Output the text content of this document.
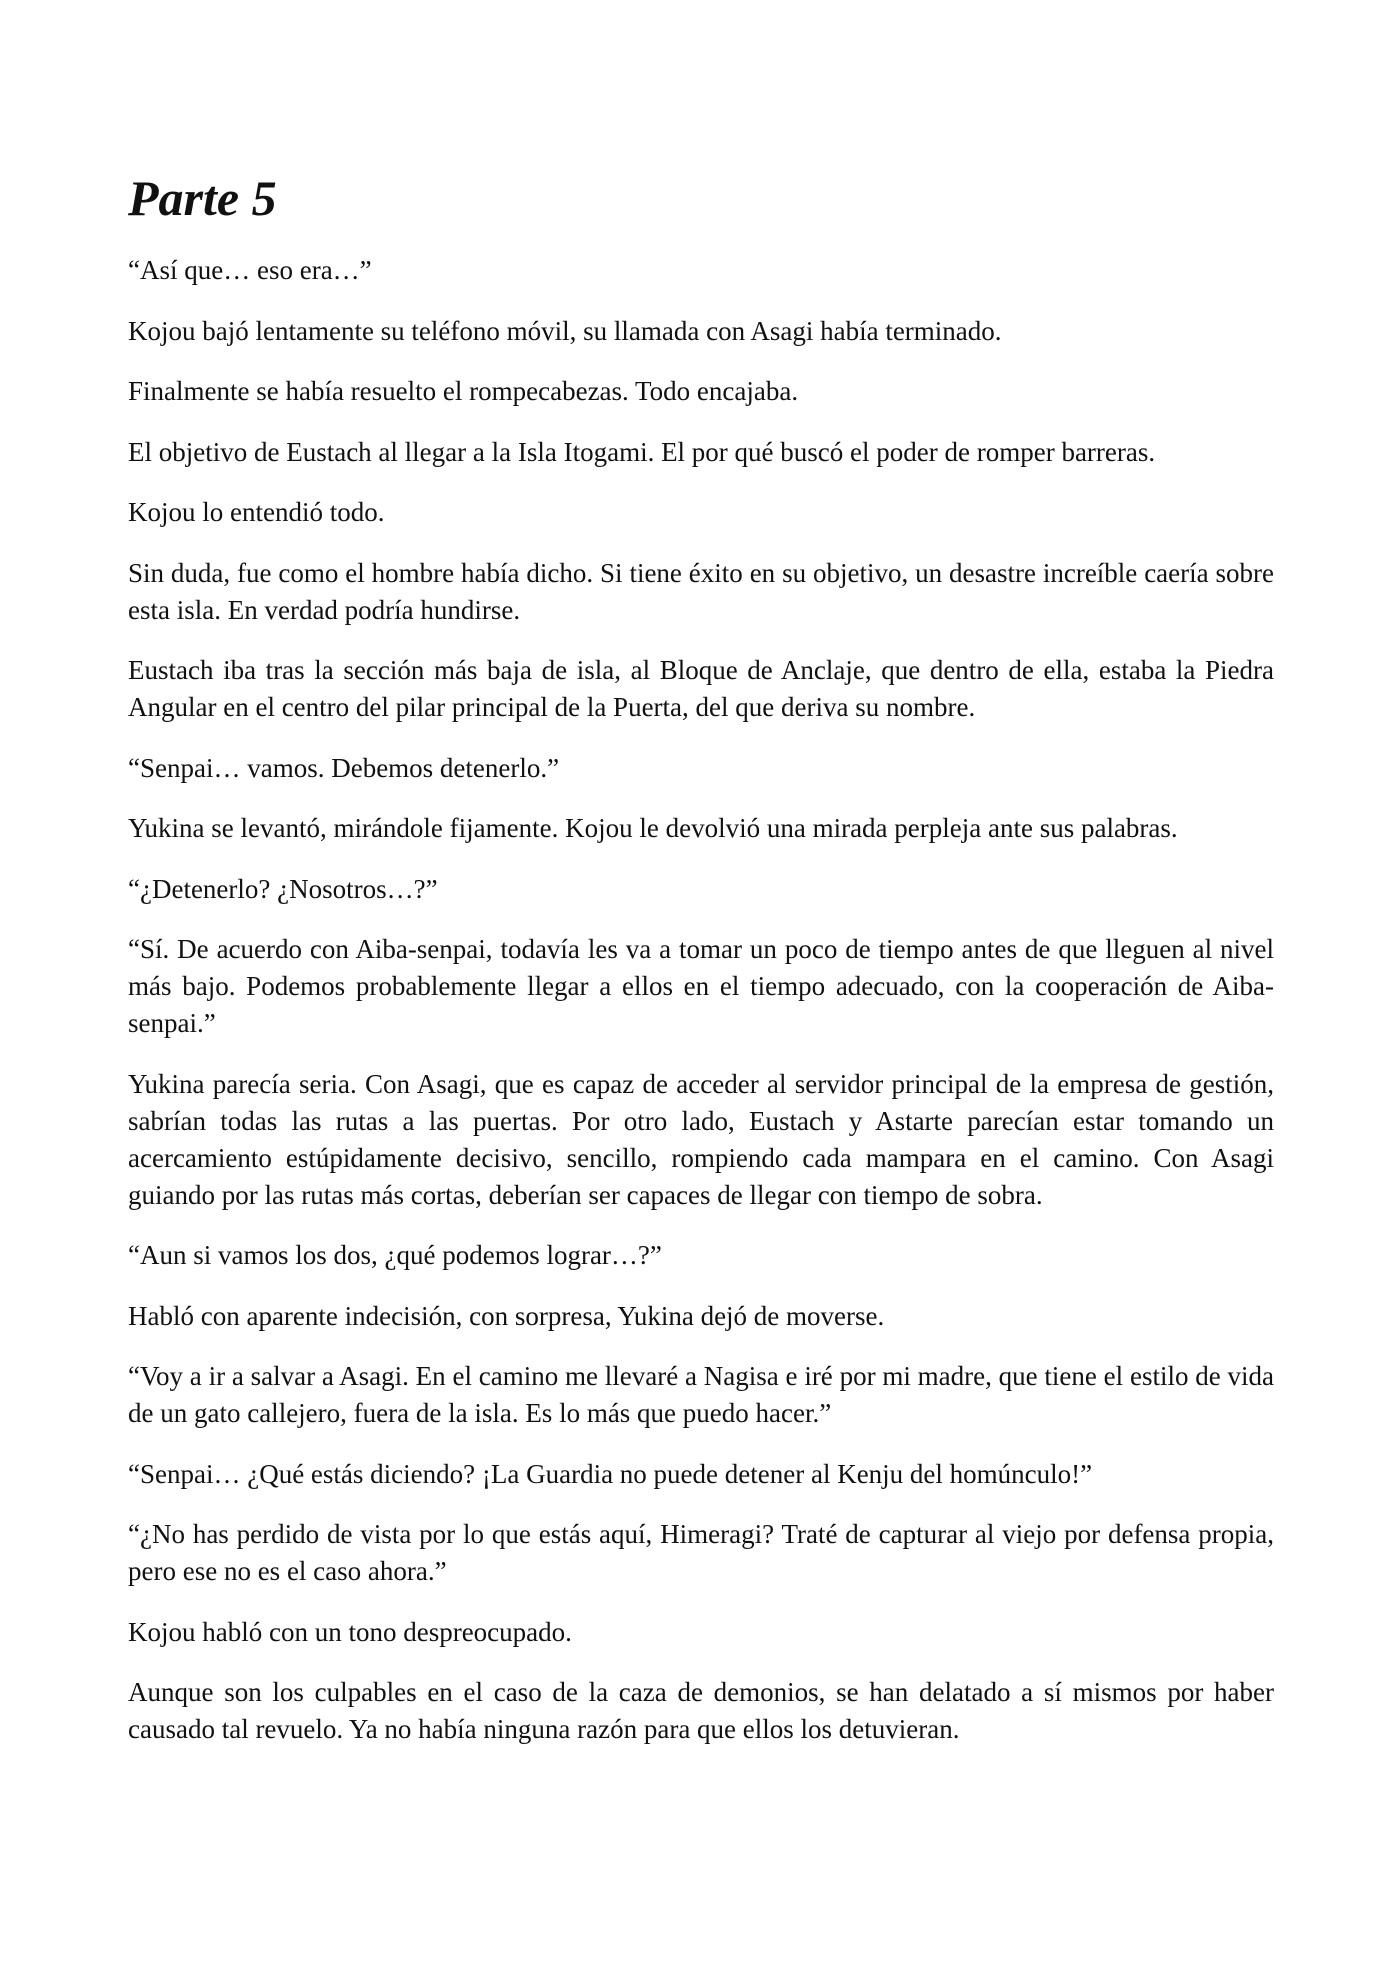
Parte 5

“Así que… eso era…”

Kojou bajó lentamente su teléfono móvil, su llamada con Asagi había terminado.

Finalmente se había resuelto el rompecabezas. Todo encajaba.

El objetivo de Eustach al llegar a la Isla Itogami. El por qué buscó el poder de romper barreras.

Kojou lo entendió todo.

Sin duda, fue como el hombre había dicho. Si tiene éxito en su objetivo, un desastre increíble caería sobre esta isla. En verdad podría hundirse.

Eustach iba tras la sección más baja de isla, al Bloque de Anclaje, que dentro de ella, estaba la Piedra Angular en el centro del pilar principal de la Puerta, del que deriva su nombre.

“Senpai… vamos. Debemos detenerlo.”

Yukina se levantó, mirándole fijamente. Kojou le devolvió una mirada perpleja ante sus palabras.

“¿Detenerlo? ¿Nosotros…?”

“Sí. De acuerdo con Aiba-senpai, todavía les va a tomar un poco de tiempo antes de que lleguen al nivel más bajo. Podemos probablemente llegar a ellos en el tiempo adecuado, con la cooperación de Aiba-senpai.”

Yukina parecía seria. Con Asagi, que es capaz de acceder al servidor principal de la empresa de gestión, sabrían todas las rutas a las puertas. Por otro lado, Eustach y Astarte parecían estar tomando un acercamiento estúpidamente decisivo, sencillo, rompiendo cada mampara en el camino. Con Asagi guiando por las rutas más cortas, deberían ser capaces de llegar con tiempo de sobra.

“Aun si vamos los dos, ¿qué podemos lograr…?”

Habló con aparente indecisión, con sorpresa, Yukina dejó de moverse.

“Voy a ir a salvar a Asagi. En el camino me llevaré a Nagisa e iré por mi madre, que tiene el estilo de vida de un gato callejero, fuera de la isla. Es lo más que puedo hacer.”

“Senpai… ¿Qué estás diciendo? ¡La Guardia no puede detener al Kenju del homúnculo!”

“¿No has perdido de vista por lo que estás aquí, Himeragi? Traté de capturar al viejo por defensa propia, pero ese no es el caso ahora.”

Kojou habló con un tono despreocupado.

Aunque son los culpables en el caso de la caza de demonios, se han delatado a sí mismos por haber causado tal revuelo. Ya no había ninguna razón para que ellos los detuvieran.
